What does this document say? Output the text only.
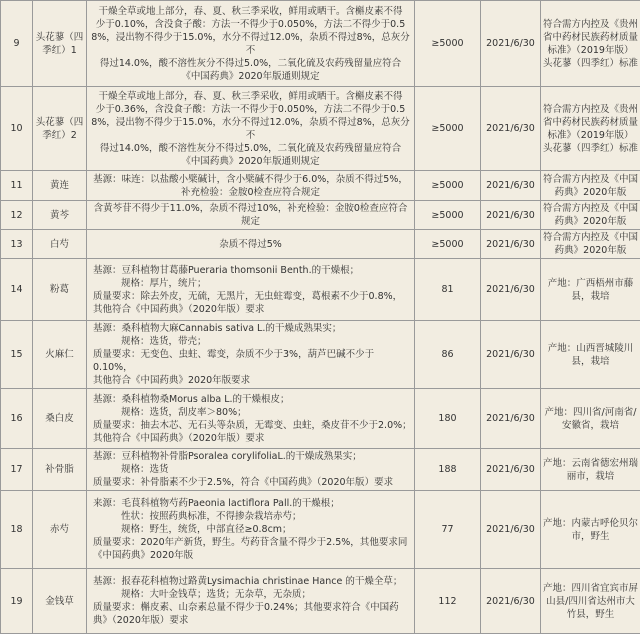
9	头花蓼（四季红）1	干燥全草或地上部分，春、夏、秋三季采收，鲜用或晒干。含槲皮素不得
少于0.10%，含没食子酸：方法一不得少于0.050%，方法二不得少于0.5
8%，浸出物不得少于15.0%，水分不得过12.0%，杂质不得过8%，总灰分不
得过14.0%，酸不溶性灰分不得过5.0%，二氧化硫及农药残留量应符合
《中国药典》2020年版通则规定	≥5000	2021/6/30	符合需方内控及《贵州省中药材民族药材质量标准》（2019年版）头花蓼（四季红）标准
10	头花蓼（四季红）2	干燥全草或地上部分，春、夏、秋三季采收，鲜用或晒干。含槲皮素不得
少于0.36%，含没食子酸：方法一不得少于0.050%，方法二不得少于0.5
8%，浸出物不得少于15.0%，水分不得过12.0%，杂质不得过8%，总灰分不
得过14.0%，酸不溶性灰分不得过5.0%，二氧化硫及农药残留量应符合
《中国药典》2020年版通则规定	≥5000	2021/6/30	符合需方内控及《贵州省中药材民族药材质量标准》（2019年版）头花蓼（四季红）标准
11	黄连	基源：味连：以盐酸小檗碱计，含小檗碱不得少于6.0%，杂质不得过5%，
补充检验：金胺0检查应符合规定	≥5000	2021/6/30	符合需方内控及《中国药典》2020年版
12	黄芩	含黄芩苷不得少于11.0%，杂质不得过10%，补充检验：金胺0检查应符合
规定	≥5000	2021/6/30	符合需方内控及《中国药典》2020年版
13	白芍	杂质不得过5%	≥5000	2021/6/30	符合需方内控及《中国药典》2020年版
14	粉葛	基源：豆科植物甘葛藤Pueraria thomsonii Benth.的干燥根；
规格：厚片，统片；
质量要求：除去外皮，无硫，无黑片，无虫蛀霉变，葛根素不少于0.8%，
其他符合《中国药典》（2020年版）要求	81	2021/6/30	产地：广西梧州市藤县，栽培
15	火麻仁	基源：桑科植物大麻Cannabis sativa L.的干燥成熟果实；
规格：选货，带壳；
质量要求：无变色、虫蛀、霉变，杂质不少于3%，葫芦巴碱不少于0.10%，
其他符合《中国药典》2020年版要求	86	2021/6/30	产地：山西晋城陵川县，栽培
16	桑白皮	基源：桑科植物桑Morus alba L.的干燥根皮；
规格：选货，刮皮率＞80%；
质量要求：抽去木芯、无石头等杂质，无霉变、虫蛀，桑皮苷不少于2.0%；
其他符合《中国药典》（2020年版）要求	180	2021/6/30	产地：四川省/河南省/安徽省，栽培
17	补骨脂	基源：豆科植物补骨脂Psoralea corylifoliaL.的干燥成熟果实；
规格：选货
质量要求：补骨脂素不少于2.5%，符合《中国药典》（2020年版）要求	188	2021/6/30	产地：云南省德宏州瑞丽市，栽培
18	赤芍	来源：毛茛科植物芍药Paeonia lactiflora Pall.的干燥根；
性状：按照药典标准，不得掺杂栽培赤芍；
规格：野生，统货，中部直径≥0.8cm；
质量要求：2020年产新货，野生。芍药苷含量不得少于2.5%，其他要求同
《中国药典》2020年版	77	2021/6/30	产地：内蒙古呼伦贝尔市，野生
19	金钱草	基源：报春花科植物过路黄Lysimachia christinae Hance 的干燥全草；
规格：大叶金钱草；选货；无杂草，无杂质；
质量要求：槲皮素、山奈素总量不得少于0.24%；其他要求符合《中国药
典》（2020年版）要求	112	2021/6/30	产地：四川省宜宾市屏山县/四川省达州市大竹县，野生
